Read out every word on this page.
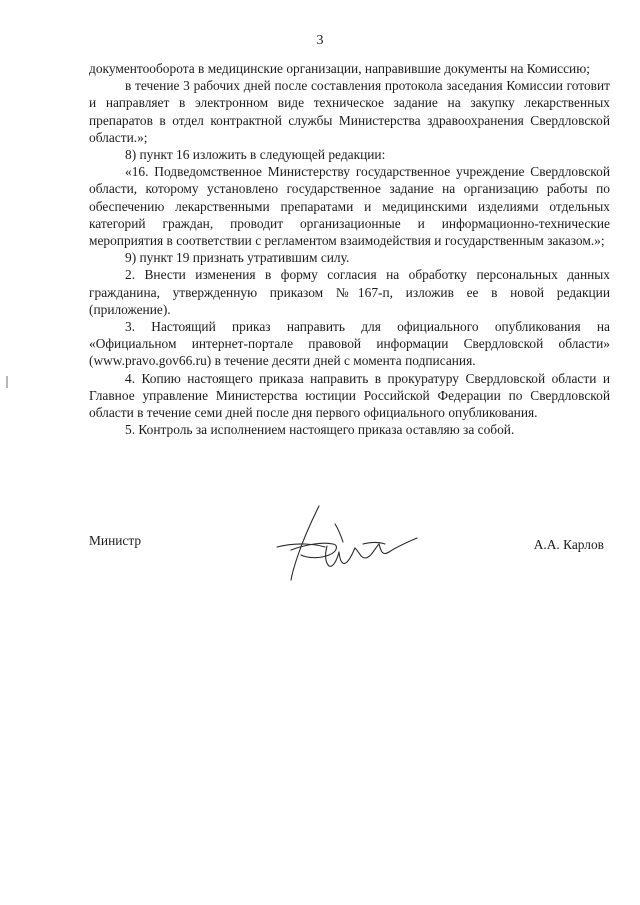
3

документооборота в медицинские организации, направившие документы на Комиссию;

в течение 3 рабочих дней после составления протокола заседания Комиссии готовит и направляет в электронном виде техническое задание на закупку лекарственных препаратов в отдел контрактной службы Министерства здравоохранения Свердловской области.»;

8) пункт 16 изложить в следующей редакции:

«16. Подведомственное Министерству государственное учреждение Свердловской области, которому установлено государственное задание на организацию работы по обеспечению лекарственными препаратами и медицинскими изделиями отдельных категорий граждан, проводит организационные и информационно-технические мероприятия в соответствии с регламентом взаимодействия и государственным заказом.»;

9) пункт 19 признать утратившим силу.

2. Внести изменения в форму согласия на обработку персональных данных гражданина, утвержденную приказом №167-п, изложив ее в новой редакции (приложение).

3. Настоящий приказ направить для официального опубликования на «Официальном интернет-портале правовой информации Свердловской области» (www.pravo.gov66.ru) в течение десяти дней с момента подписания.

4. Копию настоящего приказа направить в прокуратуру Свердловской области и Главное управление Министерства юстиции Российской Федерации по Свердловской области в течение семи дней после дня первого официального опубликования.

5. Контроль за исполнением настоящего приказа оставляю за собой.

Министр	А.А. Карлов
